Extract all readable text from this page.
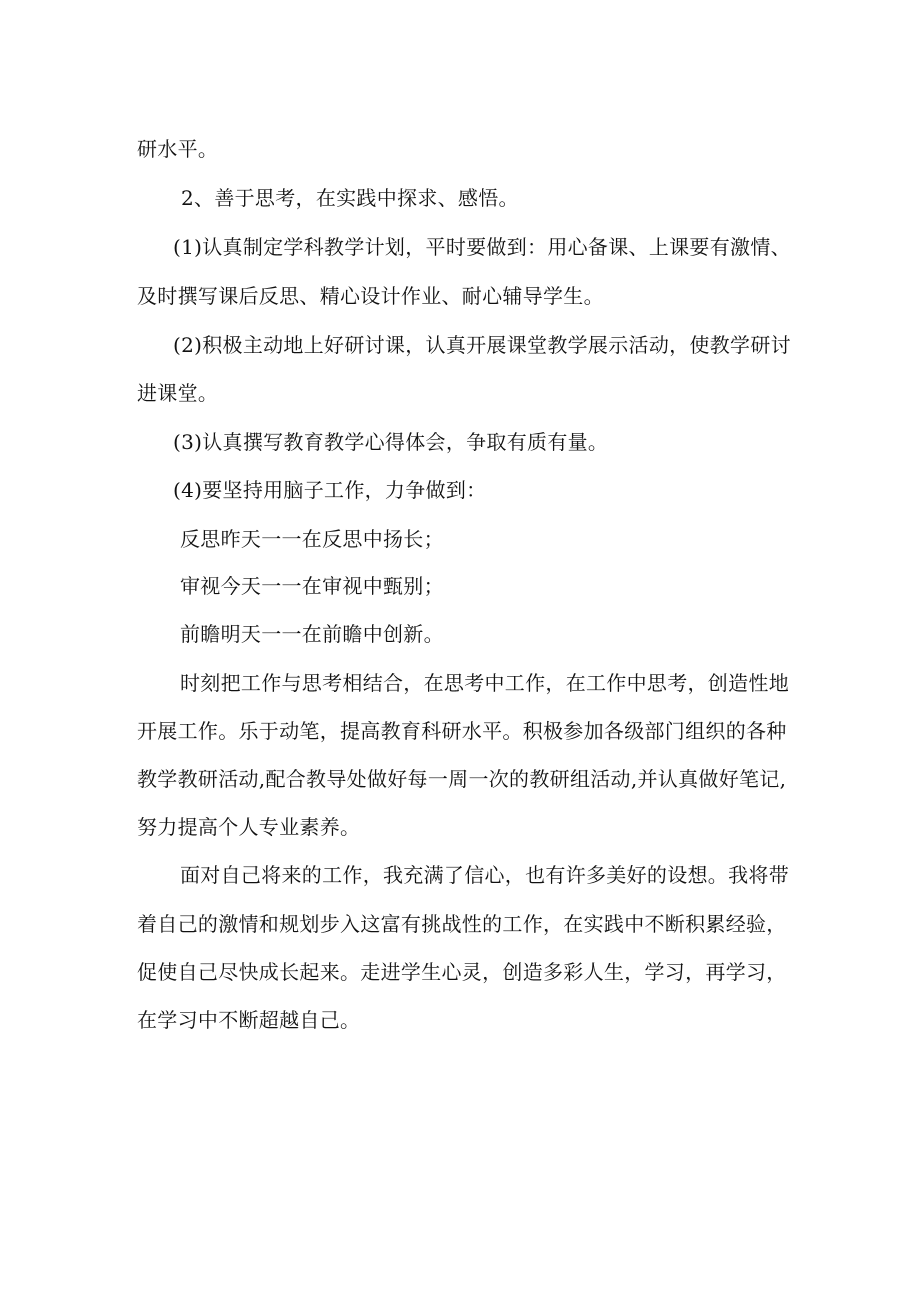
研水平。
2、善于思考，在实践中探求、感悟。
(1)认真制定学科教学计划，平时要做到：用心备课、上课要有激情、
及时撰写课后反思、精心设计作业、耐心辅导学生。
(2)积极主动地上好研讨课，认真开展课堂教学展示活动，使教学研讨
进课堂。
(3)认真撰写教育教学心得体会，争取有质有量。
(4)要坚持用脑子工作，力争做到：
反思昨天一一在反思中扬长；
审视今天一一在审视中甄别；
前瞻明天一一在前瞻中创新。
时刻把工作与思考相结合，在思考中工作，在工作中思考，创造性地
开展工作。乐于动笔，提高教育科研水平。积极参加各级部门组织的各种
教学教研活动,配合教导处做好每一周一次的教研组活动,并认真做好笔记,
努力提高个人专业素养。
面对自己将来的工作，我充满了信心，也有许多美好的设想。我将带
着自己的激情和规划步入这富有挑战性的工作，在实践中不断积累经验，
促使自己尽快成长起来。走进学生心灵，创造多彩人生，学习，再学习，
在学习中不断超越自己。
